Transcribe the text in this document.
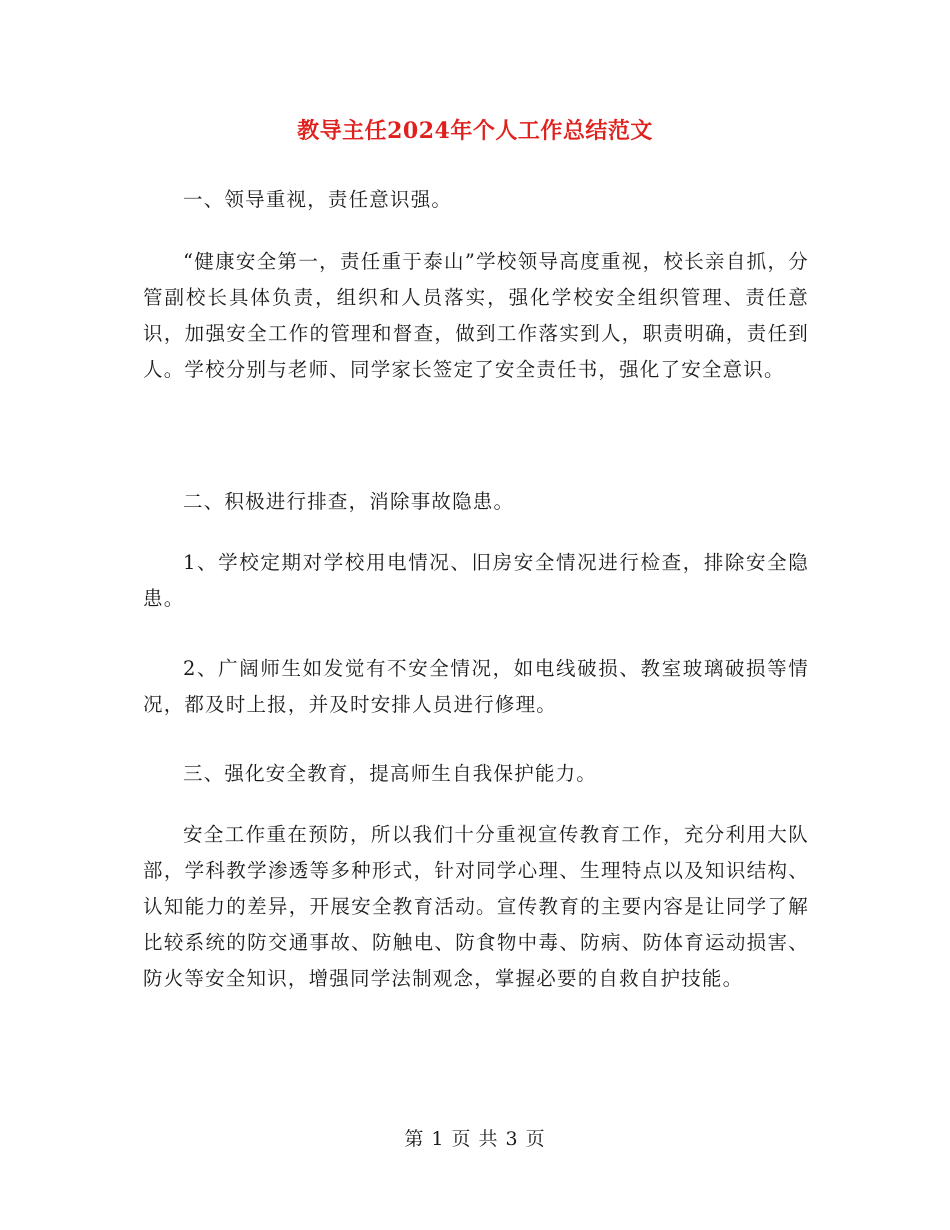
教导主任2024年个人工作总结范文

一、领导重视，责任意识强。

“健康安全第一，责任重于泰山”学校领导高度重视，校长亲自抓，分管副校长具体负责，组织和人员落实，强化学校安全组织管理、责任意识，加强安全工作的管理和督查，做到工作落实到人，职责明确，责任到人。学校分别与老师、同学家长签定了安全责任书，强化了安全意识。

二、积极进行排查，消除事故隐患。

1、学校定期对学校用电情况、旧房安全情况进行检查，排除安全隐患。

2、广阔师生如发觉有不安全情况，如电线破损、教室玻璃破损等情况，都及时上报，并及时安排人员进行修理。

三、强化安全教育，提高师生自我保护能力。

安全工作重在预防，所以我们十分重视宣传教育工作，充分利用大队部，学科教学渗透等多种形式，针对同学心理、生理特点以及知识结构、认知能力的差异，开展安全教育活动。宣传教育的主要内容是让同学了解比较系统的防交通事故、防触电、防食物中毒、防病、防体育运动损害、防火等安全知识，增强同学法制观念，掌握必要的自救自护技能。

第 1 页 共 3 页
